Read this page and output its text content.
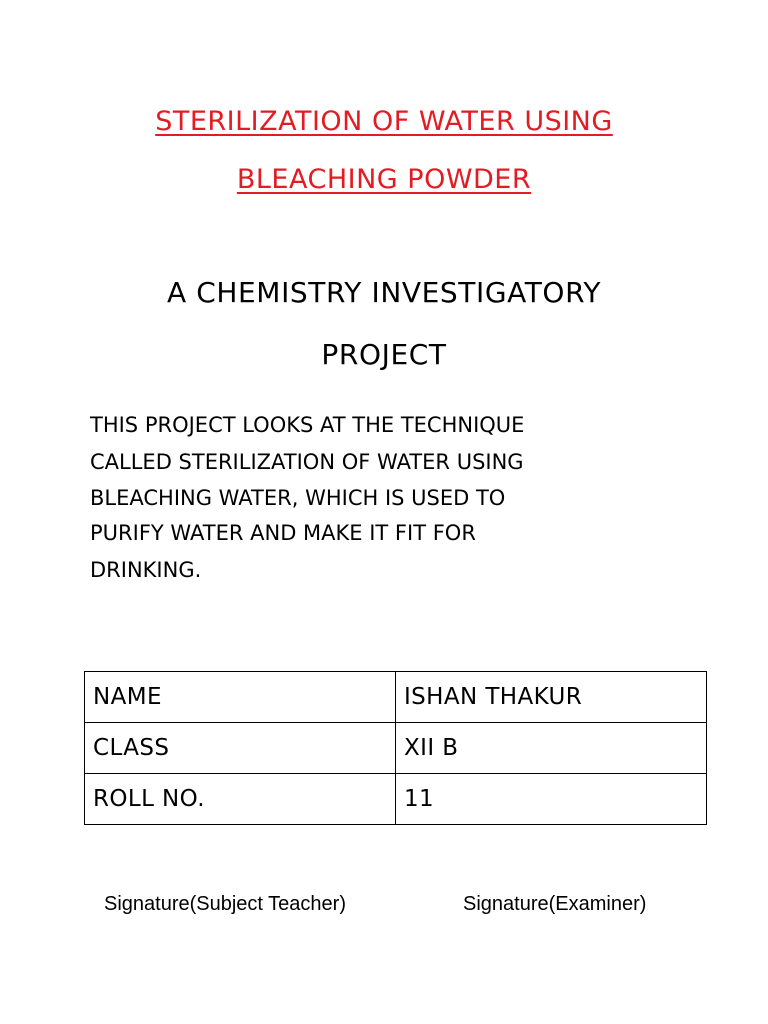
STERILIZATION OF WATER USING
BLEACHING POWDER
A CHEMISTRY INVESTIGATORY
PROJECT
THIS PROJECT LOOKS AT THE TECHNIQUE
CALLED STERILIZATION OF WATER USING
BLEACHING WATER, WHICH IS USED TO
PURIFY WATER AND MAKE IT FIT FOR
DRINKING.
NAME	ISHAN THAKUR
CLASS	XII B
ROLL NO.	11
Signature(Subject Teacher)	Signature(Examiner)
